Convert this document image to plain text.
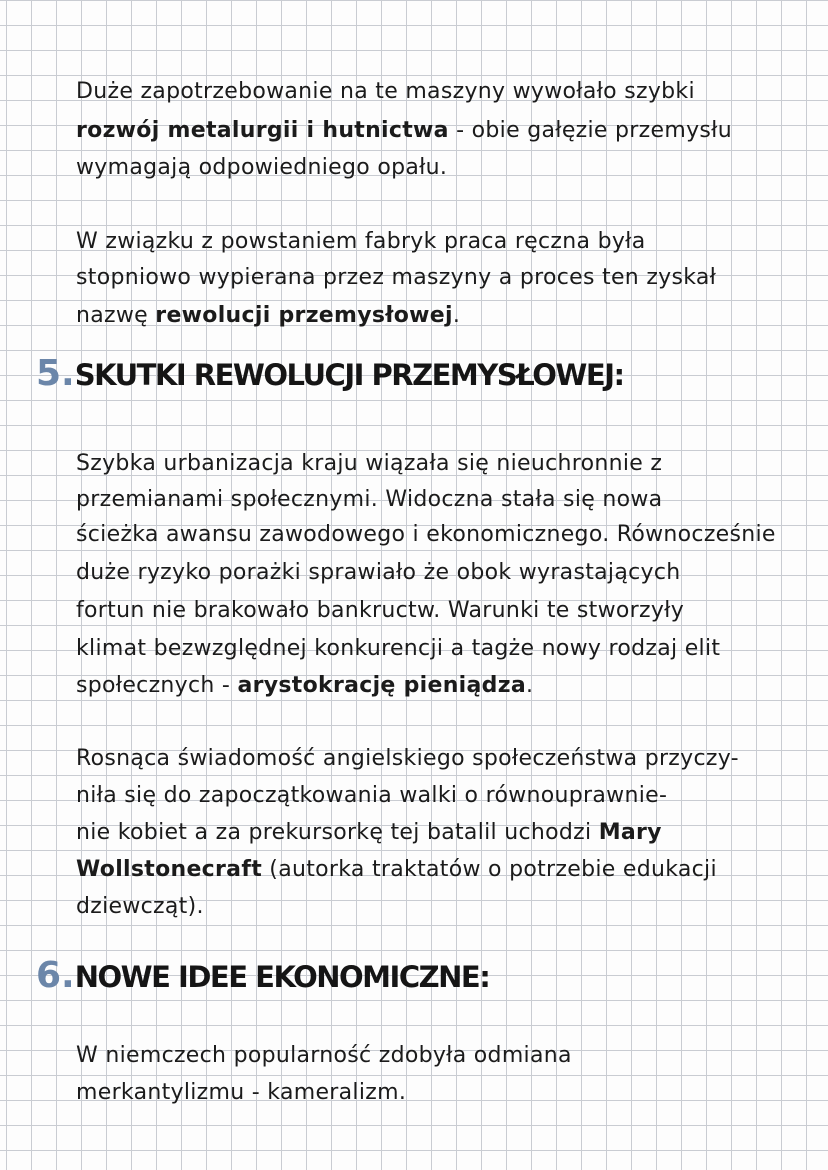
Duże zapotrzebowanie na te maszyny wywołało szybki
rozwój metalurgii i hutnictwa - obie gałęzie przemysłu
wymagają odpowiedniego opału.
W związku z powstaniem fabryk praca ręczna była
stopniowo wypierana przez maszyny a proces ten zyskał
nazwę rewolucji przemysłowej.
5.SKUTKI REWOLUCJI PRZEMYSŁOWEJ:
Szybka urbanizacja kraju wiązała się nieuchronnie z
przemianami społecznymi. Widoczna stała się nowa
ścieżka awansu zawodowego i ekonomicznego. Równocześnie
duże ryzyko porażki sprawiało że obok wyrastających
fortun nie brakowało bankructw. Warunki te stworzyły
klimat bezwzględnej konkurencji a tagże nowy rodzaj elit
społecznych - arystokrację pieniądza.
Rosnąca świadomość angielskiego społeczeństwa przyczy-
niła się do zapoczątkowania walki o równouprawnie-
nie kobiet a za prekursorkę tej batalil uchodzi Mary
Wollstonecraft (autorka traktatów o potrzebie edukacji
dziewcząt).
6.NOWE IDEE EKONOMICZNE:
W niemczech popularność zdobyła odmiana
merkantylizmu - kameralizm.
